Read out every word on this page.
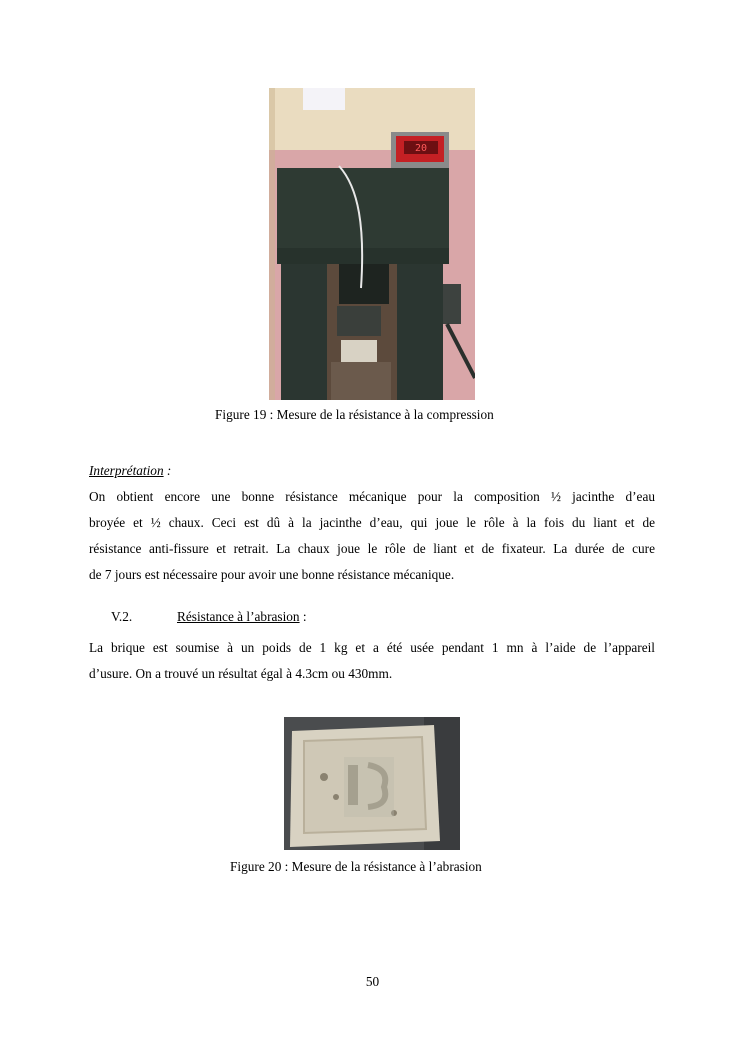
20
Figure 19 : Mesure de la résistance à la compression
Interprétation :
On obtient encore une bonne résistance mécanique pour la composition ½ jacinthe d’eau
broyée et ½ chaux. Ceci est dû à la jacinthe d’eau, qui joue le rôle à la fois du liant et de
résistance anti-fissure et retrait. La chaux joue le rôle de liant et de fixateur. La durée de cure
de 7 jours est nécessaire pour avoir une bonne résistance mécanique.
V.2.	Résistance à l’abrasion :
La brique est soumise à un poids de 1 kg et a été usée pendant 1 mn à l’aide de l’appareil
d’usure. On a trouvé un résultat égal à 4.3cm ou 430mm.
Figure 20 : Mesure de la résistance à l’abrasion
50
